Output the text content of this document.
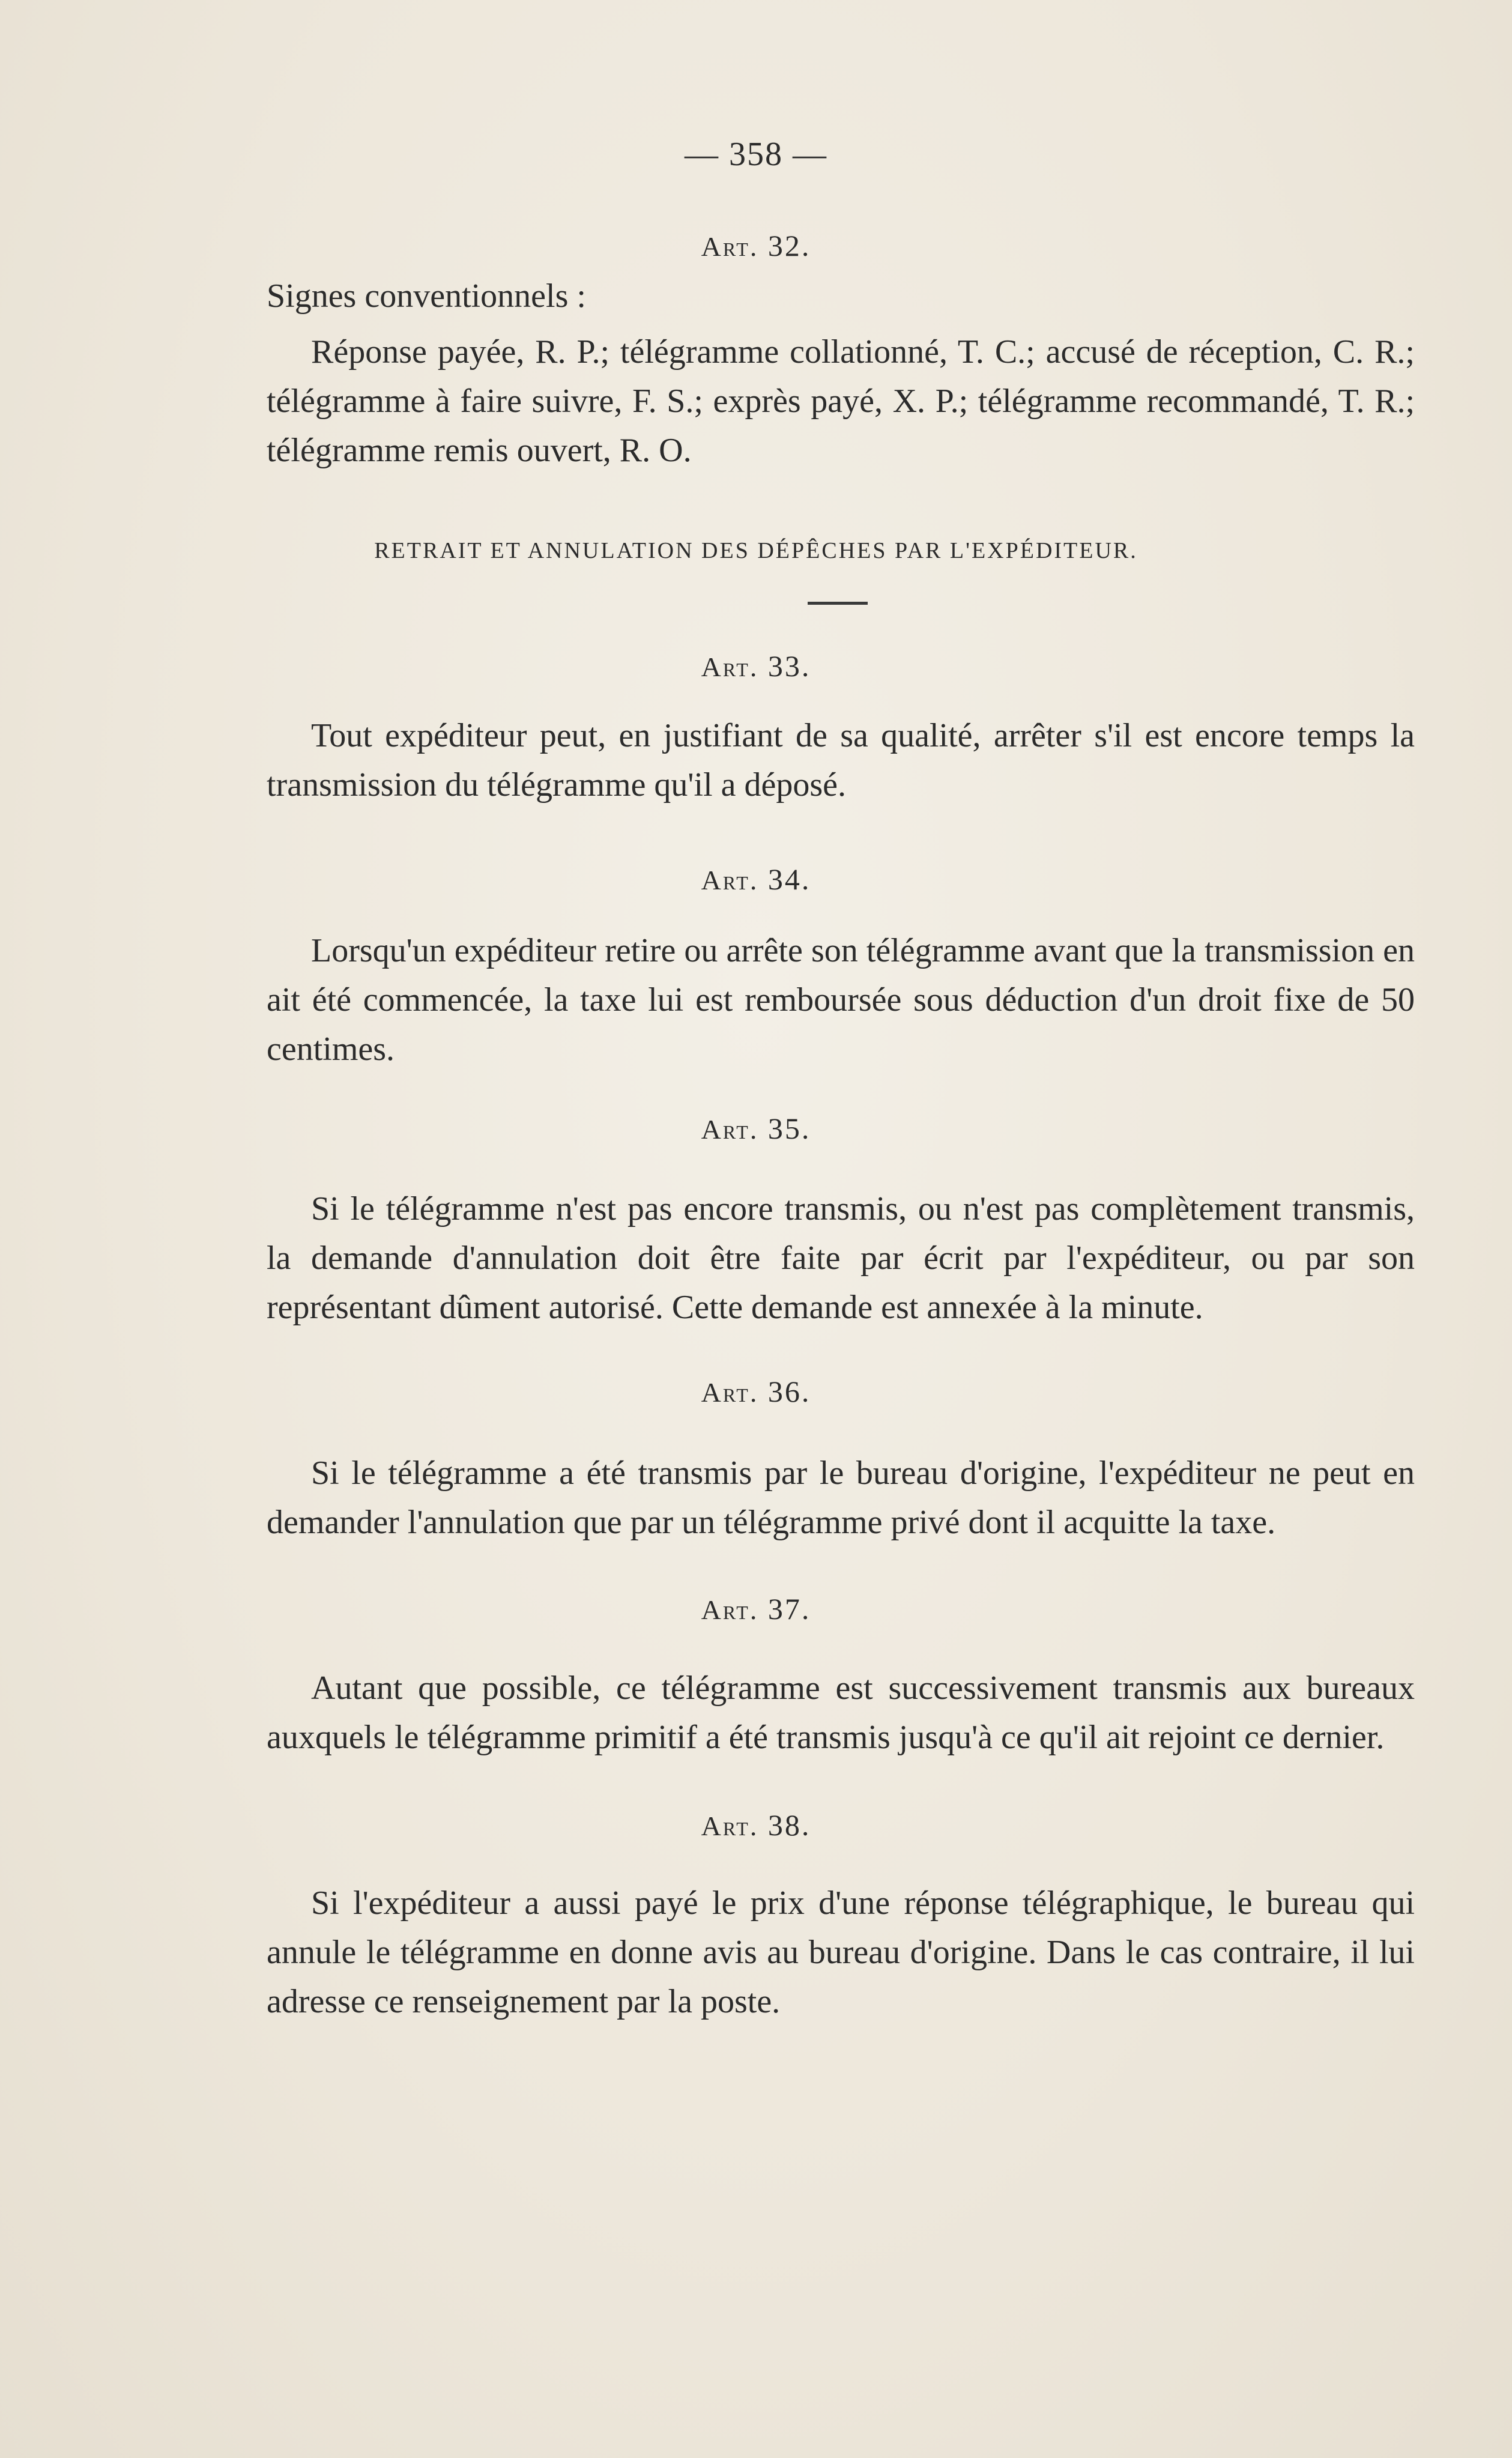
— 358 —
Art. 32.

Signes conventionnels :

Réponse payée, R. P.; télégramme collationné, T. C.; accusé de réception, C. R.; télégramme à faire suivre, F. S.; exprès payé, X. P.; télégramme recommandé, T. R.; télégramme remis ouvert, R. O.

RETRAIT ET ANNULATION DES DÉPÊCHES PAR L'EXPÉDITEUR.
Art. 33.

Tout expéditeur peut, en justifiant de sa qualité, arrêter s'il est encore temps la transmission du télégramme qu'il a déposé.

Art. 34.

Lorsqu'un expéditeur retire ou arrête son télégramme avant que la transmission en ait été commencée, la taxe lui est remboursée sous déduction d'un droit fixe de 50 centimes.

Art. 35.

Si le télégramme n'est pas encore transmis, ou n'est pas complètement transmis, la demande d'annulation doit être faite par écrit par l'expéditeur, ou par son représentant dûment autorisé. Cette demande est annexée à la minute.

Art. 36.

Si le télégramme a été transmis par le bureau d'origine, l'expéditeur ne peut en demander l'annulation que par un télégramme privé dont il acquitte la taxe.

Art. 37.

Autant que possible, ce télégramme est successivement transmis aux bureaux auxquels le télégramme primitif a été transmis jusqu'à ce qu'il ait rejoint ce dernier.

Art. 38.

Si l'expéditeur a aussi payé le prix d'une réponse télégraphique, le bureau qui annule le télégramme en donne avis au bureau d'origine. Dans le cas contraire, il lui adresse ce renseignement par la poste.
